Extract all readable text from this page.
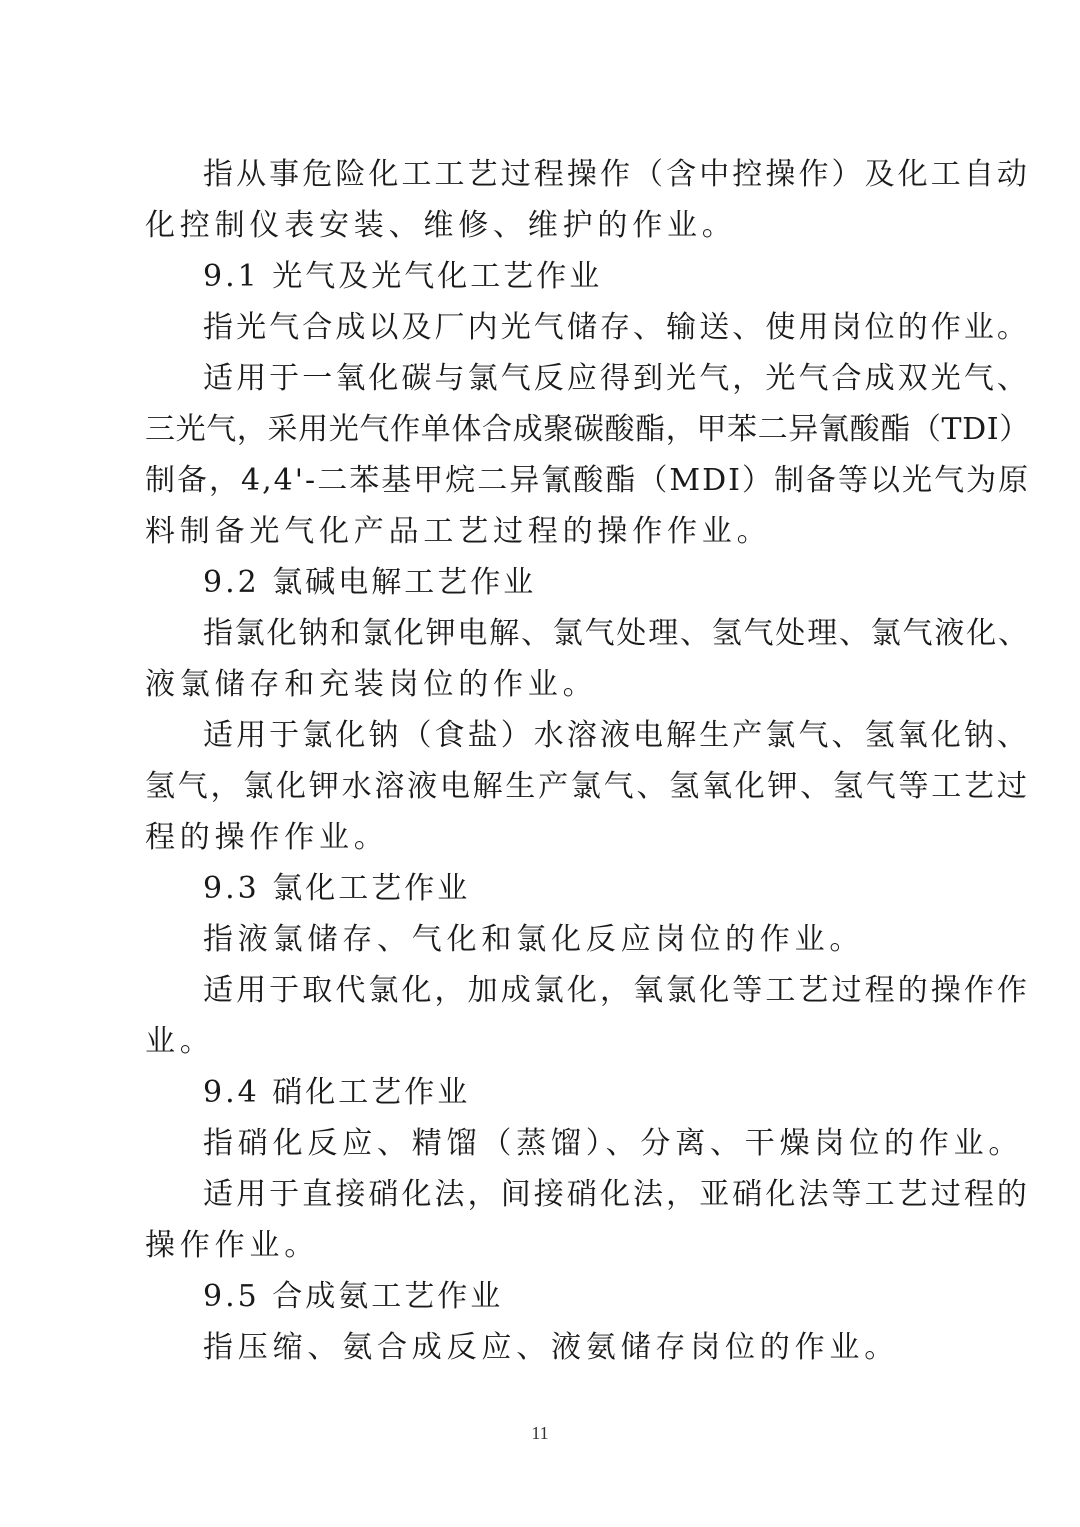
指从事危险化工工艺过程操作（含中控操作）及化工自动
化控制仪表安装、维修、维护的作业。
9.1 光气及光气化工艺作业
指光气合成以及厂内光气储存、输送、使用岗位的作业。
适用于一氧化碳与氯气反应得到光气，光气合成双光气、
三光气，采用光气作单体合成聚碳酸酯，甲苯二异氰酸酯（TDI）
制备，4,4'-二苯基甲烷二异氰酸酯（MDI）制备等以光气为原
料制备光气化产品工艺过程的操作作业。
9.2 氯碱电解工艺作业
指氯化钠和氯化钾电解、氯气处理、氢气处理、氯气液化、
液氯储存和充装岗位的作业。
适用于氯化钠（食盐）水溶液电解生产氯气、氢氧化钠、
氢气，氯化钾水溶液电解生产氯气、氢氧化钾、氢气等工艺过
程的操作作业。
9.3 氯化工艺作业
指液氯储存、气化和氯化反应岗位的作业。
适用于取代氯化，加成氯化，氧氯化等工艺过程的操作作
业。
9.4 硝化工艺作业
指硝化反应、精馏（蒸馏）、分离、干燥岗位的作业。
适用于直接硝化法，间接硝化法，亚硝化法等工艺过程的
操作作业。
9.5 合成氨工艺作业
指压缩、氨合成反应、液氨储存岗位的作业。
11
